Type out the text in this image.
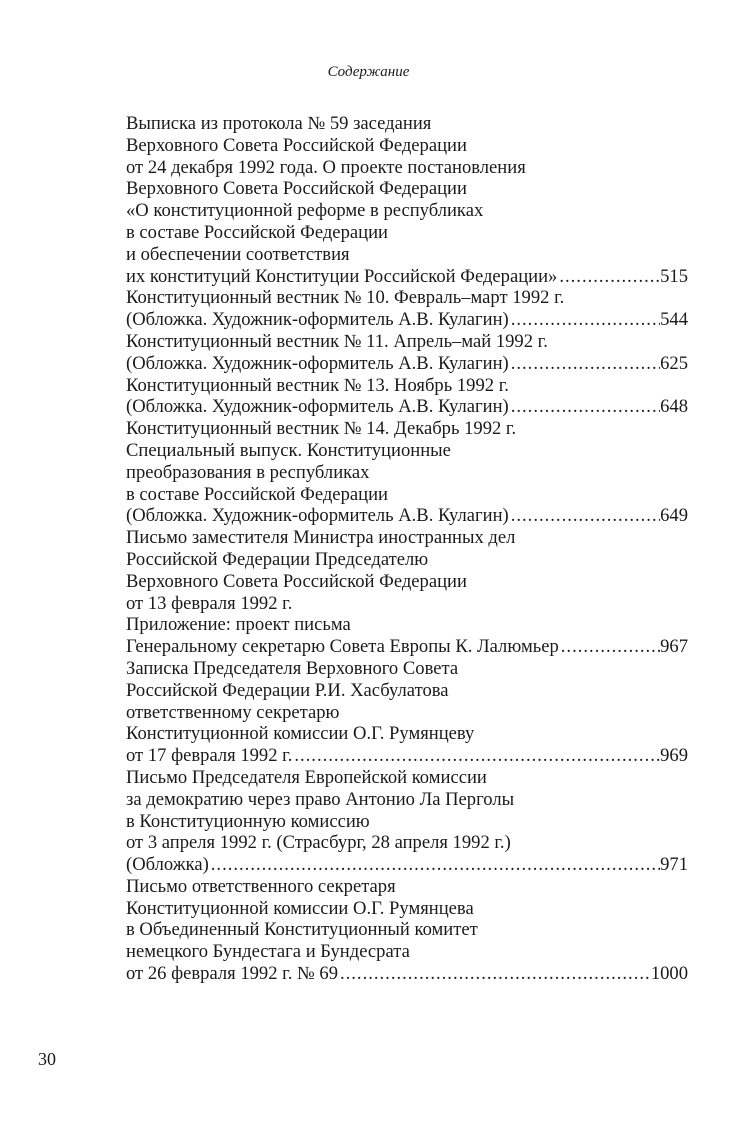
Содержание
Выписка из протокола № 59 заседания
Верховного Совета Российской Федерации
от 24 декабря 1992 года. О проекте постановления
Верховного Совета Российской Федерации
«О конституционной реформе в республиках
в составе Российской Федерации
и обеспечении соответствия
их конституций Конституции Российской Федерации» .....	515
Конституционный вестник № 10. Февраль–март 1992 г.
(Обложка. Художник-оформитель А.В. Кулагин) .....	544
Конституционный вестник № 11. Апрель–май 1992 г.
(Обложка. Художник-оформитель А.В. Кулагин) .....	625
Конституционный вестник № 13. Ноябрь 1992 г.
(Обложка. Художник-оформитель А.В. Кулагин) .....	648
Конституционный вестник № 14. Декабрь 1992 г.
Специальный выпуск. Конституционные
преобразования в республиках
в составе Российской Федерации
(Обложка. Художник-оформитель А.В. Кулагин) .....	649
Письмо заместителя Министра иностранных дел
Российской Федерации Председателю
Верховного Совета Российской Федерации
от 13 февраля 1992 г.
Приложение: проект письма
Генеральному секретарю Совета Европы К. Лалюмьер .....	967
Записка Председателя Верховного Совета
Российской Федерации Р.И. Хасбулатова
ответственному секретарю
Конституционной комиссии О.Г. Румянцеву
от 17 февраля 1992 г. .....	969
Письмо Председателя Европейской комиссии
за демократию через право Антонио Ла Перголы
в Конституционную комиссию
от 3 апреля 1992 г. (Страсбург, 28 апреля 1992 г.)
(Обложка) .....	971
Письмо ответственного секретаря
Конституционной комиссии О.Г. Румянцева
в Объединенный Конституционный комитет
немецкого Бундестага и Бундесрата
от 26 февраля 1992 г. № 69 .....	1000
30
